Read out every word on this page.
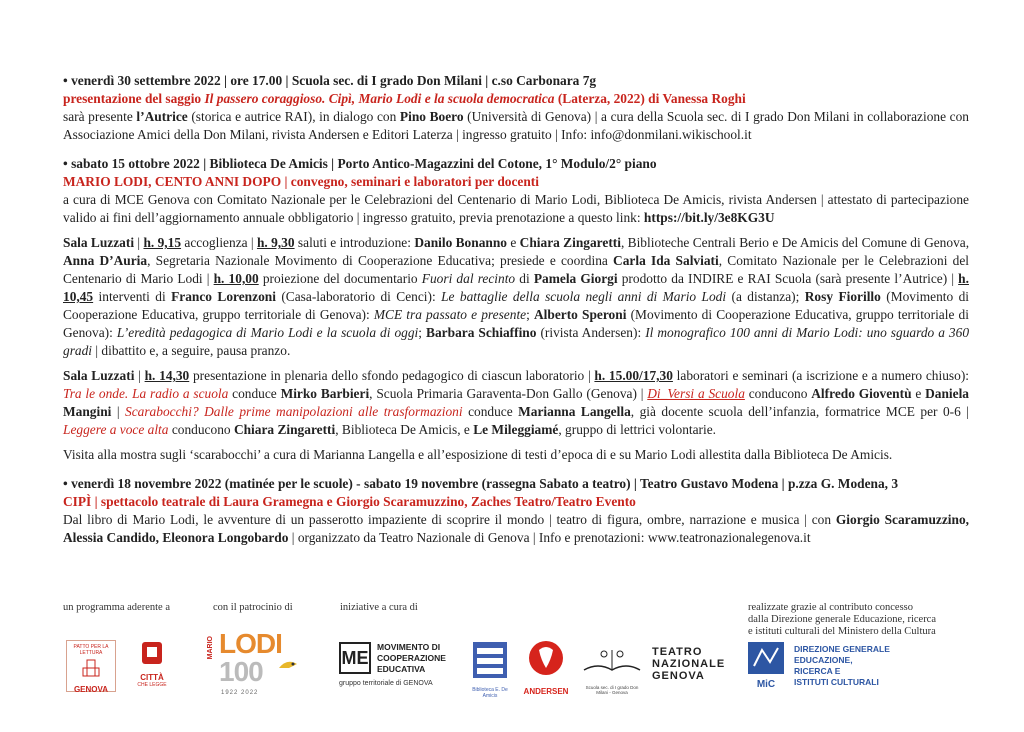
• venerdì 30 settembre 2022 | ore 17.00 | Scuola sec. di I grado Don Milani | c.so Carbonara 7g
presentazione del saggio Il passero coraggioso. Cipì, Mario Lodi e la scuola democratica (Laterza, 2022) di Vanessa Roghi
sarà presente l’Autrice (storica e autrice RAI), in dialogo con Pino Boero (Università di Genova) | a cura della Scuola sec. di I grado Don Milani in collaborazione con Associazione Amici della Don Milani, rivista Andersen e Editori Laterza | ingresso gratuito | Info: info@donmilani.wikischool.it
• sabato 15 ottobre 2022 | Biblioteca De Amicis | Porto Antico-Magazzini del Cotone, 1° Modulo/2° piano
MARIO LODI, CENTO ANNI DOPO | convegno, seminari e laboratori per docenti
a cura di MCE Genova con Comitato Nazionale per le Celebrazioni del Centenario di Mario Lodi, Biblioteca De Amicis, rivista Andersen | attestato di partecipazione valido ai fini dell’aggiornamento annuale obbligatorio | ingresso gratuito, previa prenotazione a questo link: https://bit.ly/3e8KG3U
Sala Luzzati | h. 9,15 accoglienza | h. 9,30 saluti e introduzione: Danilo Bonanno e Chiara Zingaretti, Biblioteche Centrali Berio e De Amicis del Comune di Genova, Anna D’Auria, Segretaria Nazionale Movimento di Cooperazione Educativa; presiede e coordina Carla Ida Salviati, Comitato Nazionale per le Celebrazioni del Centenario di Mario Lodi | h. 10,00 proiezione del documentario Fuori dal recinto di Pamela Giorgi prodotto da INDIRE e RAI Scuola (sarà presente l’Autrice) | h. 10,45 interventi di Franco Lorenzoni (Casa-laboratorio di Cenci): Le battaglie della scuola negli anni di Mario Lodi (a distanza); Rosy Fiorillo (Movimento di Cooperazione Educativa, gruppo territoriale di Genova): MCE tra passato e presente; Alberto Speroni (Movimento di Cooperazione Educativa, gruppo territoriale di Genova): L’eredità pedagogica di Mario Lodi e la scuola di oggi; Barbara Schiaffino (rivista Andersen): Il monografico 100 anni di Mario Lodi: uno sguardo a 360 gradi | dibattito e, a seguire, pausa pranzo.
Sala Luzzati | h. 14,30 presentazione in plenaria dello sfondo pedagogico di ciascun laboratorio | h. 15.00/17,30 laboratori e seminari (a iscrizione e a numero chiuso): Tra le onde. La radio a scuola conduce Mirko Barbieri, Scuola Primaria Garaventa-Don Gallo (Genova) | Di_Versi a Scuola conducono Alfredo Gioventù e Daniela Mangini | Scarabocchi? Dalle prime manipolazioni alle trasformazioni conduce Marianna Langella, già docente scuola dell’infanzia, formatrice MCE per 0-6 | Leggere a voce alta conducono Chiara Zingaretti, Biblioteca De Amicis, e Le Mileggiamé, gruppo di lettrici volontarie.
Visita alla mostra sugli ‘scarabocchi’ a cura di Marianna Langella e all’esposizione di testi d’epoca di e su Mario Lodi allestita dalla Biblioteca De Amicis.
• venerdì 18 novembre 2022 (matinée per le scuole) - sabato 19 novembre (rassegna Sabato a teatro) | Teatro Gustavo Modena | p.zza G. Modena, 3
CIPÌ | spettacolo teatrale di Laura Gramegna e Giorgio Scaramuzzino, Zaches Teatro/Teatro Evento
Dal libro di Mario Lodi, le avventure di un passerotto impaziente di scoprire il mondo | teatro di figura, ombre, narrazione e musica | con Giorgio Scaramuzzino, Alessia Candido, Eleonora Longobardo | organizzato da Teatro Nazionale di Genova | Info e prenotazioni: www.teatronazionalegenova.it
un programma aderente a	con il patrocinio di	iniziative a cura di	realizzate grazie al contributo concesso
dalla Direzione generale Educazione, ricerca
e istituti culturali del Ministero della Cultura
PATTO PER LA LETTURA
GENOVA
CITTÀ
CHE LEGGE
MARIO LODI
100
1922 2022
ME
MOVIMENTO DI
COOPERAZIONE
EDUCATIVA
gruppo territoriale di GENOVA
Biblioteca E. De Amicis	ANDERSEN	Scuola sec. di I grado Don Milani - Genova
TEATRO
NAZIONALE
GENOVA
MiC
DIREZIONE GENERALE
EDUCAZIONE,
RICERCA E
ISTITUTI CULTURALI
